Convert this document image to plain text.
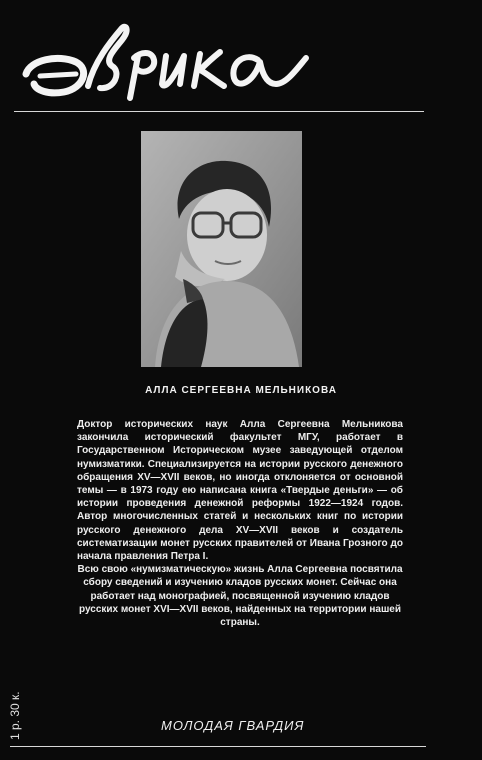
АЛЛА СЕРГЕЕВНА МЕЛЬНИКОВА

Доктор исторических наук Алла Сергеевна Мельникова закончила исторический факультет МГУ, работает в Государственном Историческом музее заведующей отделом нумизматики. Специализируется на истории русского денежного обращения XV—XVII веков, но иногда отклоняется от основной темы — в 1973 году ею написана книга «Твердые деньги» — об истории проведения денежной реформы 1922—1924 годов. Автор многочисленных статей и нескольких книг по истории русского денежного дела XV—XVII веков и создатель систематизации монет русских правителей от Ивана Грозного до начала правления Петра I.

Всю свою «нумизматическую» жизнь Алла Сергеевна посвятила сбору сведений и изучению кладов русских монет. Сейчас она работает над монографией, посвященной изучению кладов русских монет XVI—XVII веков, найденных на территории нашей страны.

1 р. 30 к.	МОЛОДАЯ ГВАРДИЯ
